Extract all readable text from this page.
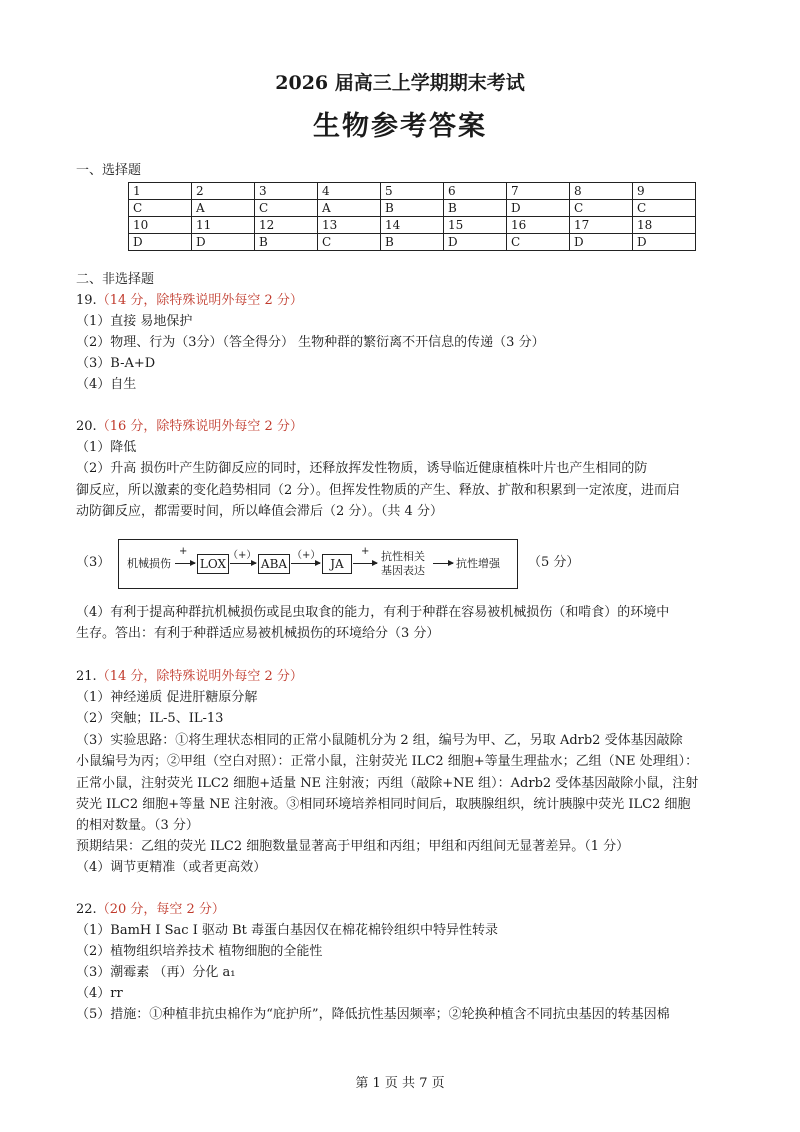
2026 届高三上学期期末考试
生物参考答案
一、选择题
1	2	3	4	5	6	7	8	9
C	A	C	A	B	B	D	C	C
10	11	12	13	14	15	16	17	18
D	D	B	C	B	D	C	D	D
二、非选择题
19.（14 分，除特殊说明外每空 2 分）
（1）直接 易地保护
（2）物理、行为（3分）（答全得分） 生物种群的繁衍离不开信息的传递（3 分）
（3）B-A+D
（4）自生
20.（16 分，除特殊说明外每空 2 分）
（1）降低
（2）升高 损伤叶产生防御反应的同时，还释放挥发性物质，诱导临近健康植株叶片也产生相同的防
御反应，所以激素的变化趋势相同（2 分）。但挥发性物质的产生、释放、扩散和积累到一定浓度，进而启
动防御反应，都需要时间，所以峰值会滞后（2 分）。（共 4 分）
（3） 机械损伤
+
LOX
（+）
ABA
（+）
JA
+ 抗性相关
基因表达
抗性增强 （5 分）
（4）有利于提高种群抗机械损伤或昆虫取食的能力，有利于种群在容易被机械损伤（和啃食）的环境中
生存。答出：有利于种群适应易被机械损伤的环境给分（3 分）
21.（14 分，除特殊说明外每空 2 分）
（1）神经递质 促进肝糖原分解
（2）突触；IL-5、IL-13
（3）实验思路：①将生理状态相同的正常小鼠随机分为 2 组，编号为甲、乙，另取 Adrb2 受体基因敲除
小鼠编号为丙；②甲组（空白对照）：正常小鼠，注射荧光 ILC2 细胞+等量生理盐水；乙组（NE 处理组）：
正常小鼠，注射荧光 ILC2 细胞+适量 NE 注射液；丙组（敲除+NE 组）：Adrb2 受体基因敲除小鼠，注射
荧光 ILC2 细胞+等量 NE 注射液。③相同环境培养相同时间后，取胰腺组织，统计胰腺中荧光 ILC2 细胞
的相对数量。（3 分）
预期结果：乙组的荧光 ILC2 细胞数量显著高于甲组和丙组；甲组和丙组间无显著差异。（1 分）
（4）调节更精准（或者更高效）
22.（20 分，每空 2 分）
（1）BamH I Sac I 驱动 Bt 毒蛋白基因仅在棉花棉铃组织中特异性转录
（2）植物组织培养技术 植物细胞的全能性
（3）潮霉素 （再）分化 a₁
（4）rr
（5）措施：①种植非抗虫棉作为“庇护所”，降低抗性基因频率；②轮换种植含不同抗虫基因的转基因棉
第 1 页 共 7 页
